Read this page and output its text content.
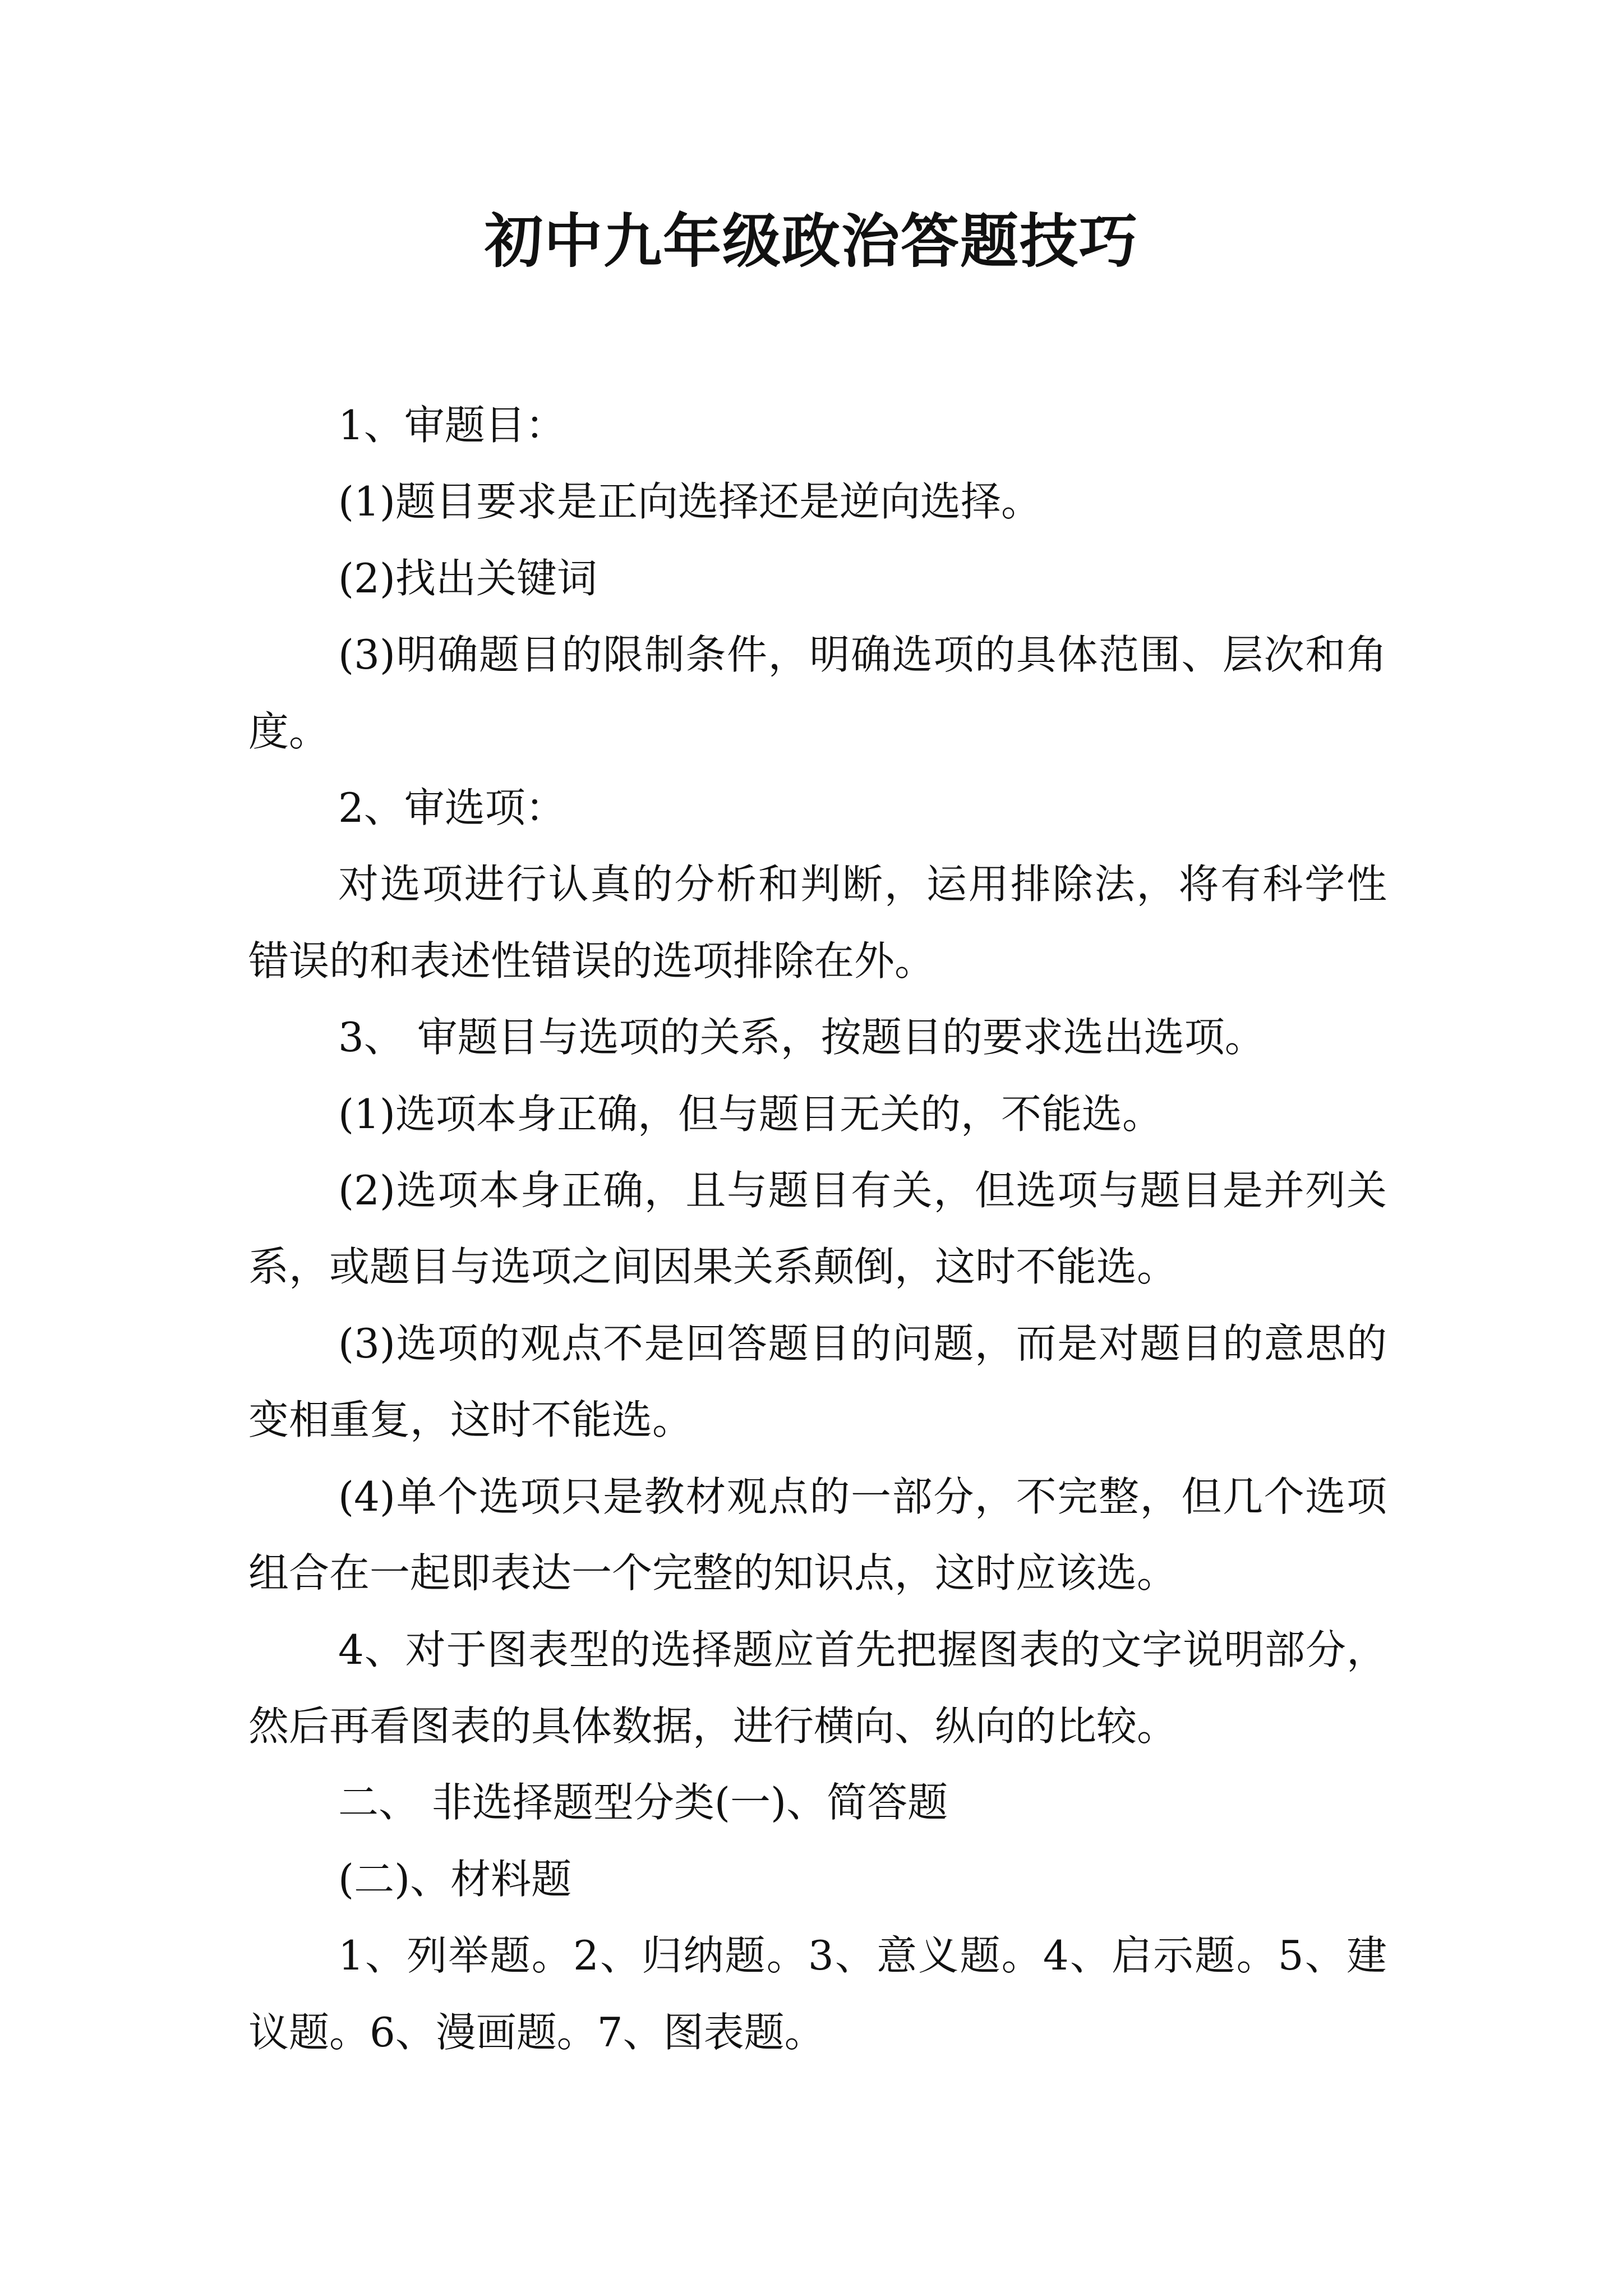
初中九年级政治答题技巧

1、审题目：

(1)题目要求是正向选择还是逆向选择。

(2)找出关键词

(3)明确题目的限制条件，明确选项的具体范围、层次和角度。

2、审选项：

对选项进行认真的分析和判断，运用排除法，将有科学性错误的和表述性错误的选项排除在外。

3、 审题目与选项的关系，按题目的要求选出选项。

(1)选项本身正确，但与题目无关的，不能选。

(2)选项本身正确，且与题目有关，但选项与题目是并列关系，或题目与选项之间因果关系颠倒，这时不能选。

(3)选项的观点不是回答题目的问题，而是对题目的意思的变相重复，这时不能选。

(4)单个选项只是教材观点的一部分，不完整，但几个选项组合在一起即表达一个完整的知识点，这时应该选。

4、对于图表型的选择题应首先把握图表的文字说明部分，然后再看图表的具体数据，进行横向、纵向的比较。

二、 非选择题型分类(一)、简答题

(二)、材料题

1、列举题。2、归纳题。3、意义题。4、启示题。5、建议题。6、漫画题。7、图表题。
